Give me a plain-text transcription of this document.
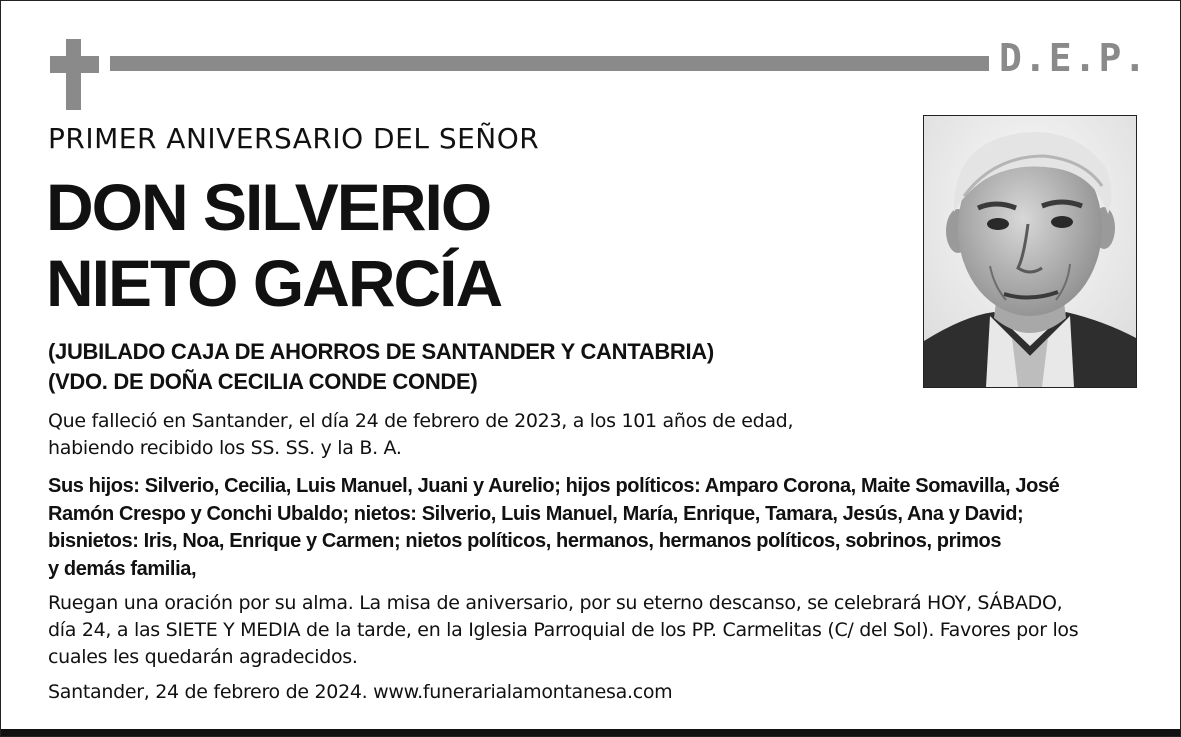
D.E.P.
PRIMER ANIVERSARIO DEL SEÑOR
DON SILVERIO
NIETO GARCÍA
(JUBILADO CAJA DE AHORROS DE SANTANDER Y CANTABRIA)
(VDO. DE DOÑA CECILIA CONDE CONDE)
Que falleció en Santander, el día 24 de febrero de 2023, a los 101 años de edad,
habiendo recibido los SS. SS. y la B. A.
Sus hijos: Silverio, Cecilia, Luis Manuel, Juani y Aurelio; hijos políticos: Amparo Corona, Maite Somavilla, José
Ramón Crespo y Conchi Ubaldo; nietos: Silverio, Luis Manuel, María, Enrique, Tamara, Jesús, Ana y David;
bisnietos: Iris, Noa, Enrique y Carmen; nietos políticos, hermanos, hermanos políticos, sobrinos, primos
y demás familia,
Ruegan una oración por su alma. La misa de aniversario, por su eterno descanso, se celebrará HOY, SÁBADO,
día 24, a las SIETE Y MEDIA de la tarde, en la Iglesia Parroquial de los PP. Carmelitas (C/ del Sol). Favores por los
cuales les quedarán agradecidos.
Santander, 24 de febrero de 2024. www.funerarialamontanesa.com
